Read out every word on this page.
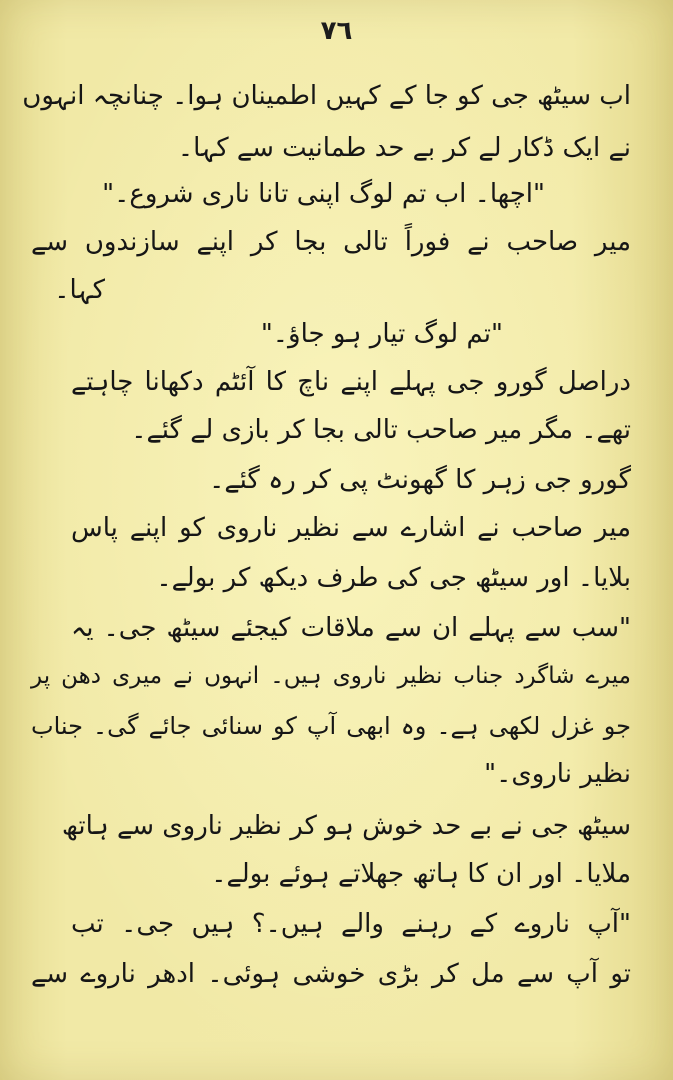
٧٦
اب سیٹھ جی کو جا کے کہیں اطمینان ہوا۔ چنانچہ انہوں
نے ایک ڈکار لے کر بے حد طمانیت سے کہا۔
"اچھا۔ اب تم لوگ اپنی تانا ناری شروع۔"
میر صاحب نے فوراً تالی بجا کر اپنے سازندوں سے
کہا۔
"تم لوگ تیار ہو جاؤ۔"
دراصل گورو جی پہلے اپنے ناچ کا آئٹم دکھانا چاہتے
تھے۔ مگر میر صاحب تالی بجا کر بازی لے گئے۔
گورو جی زہر کا گھونٹ پی کر رہ گئے۔
میر صاحب نے اشارے سے نظیر ناروی کو اپنے پاس
بلایا۔ اور سیٹھ جی کی طرف دیکھ کر بولے۔
"سب سے پہلے ان سے ملاقات کیجئے سیٹھ جی۔ یہ
میرے شاگرد جناب نظیر ناروی ہیں۔ انہوں نے میری دھن پر
جو غزل لکھی ہے۔ وہ ابھی آپ کو سنائی جائے گی۔ جناب
نظیر ناروی۔"
سیٹھ جی نے بے حد خوش ہو کر نظیر ناروی سے ہاتھ
ملایا۔ اور ان کا ہاتھ جھلاتے ہوئے بولے۔
"آپ ناروے کے رہنے والے ہیں۔؟ ہیں جی۔ تب
تو آپ سے مل کر بڑی خوشی ہوئی۔ ادھر ناروے سے
